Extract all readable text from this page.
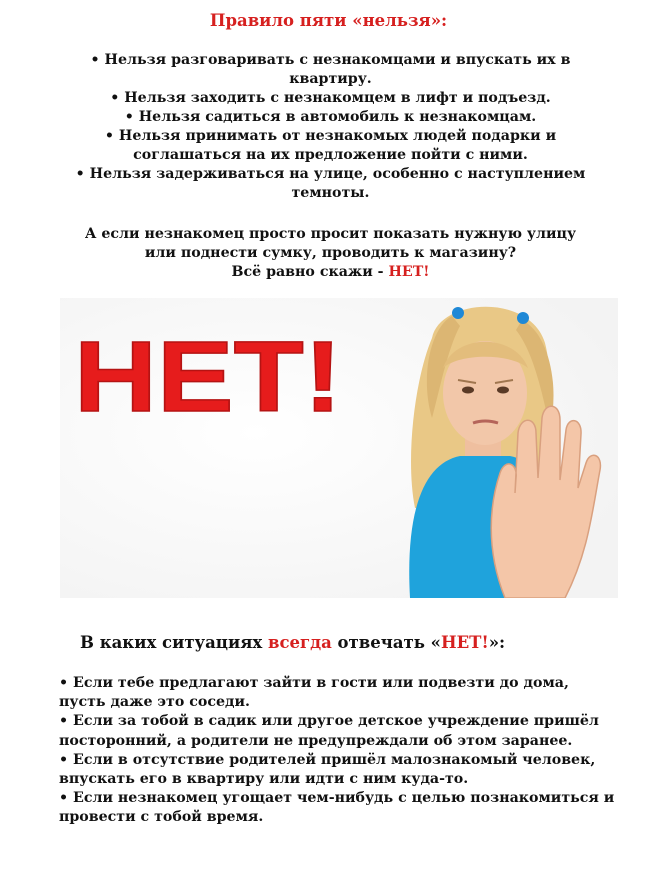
Правило пяти «нельзя»:
• Нельзя разговаривать с незнакомцами и впускать их в квартиру.
• Нельзя заходить с незнакомцем в лифт и подъезд.
• Нельзя садиться в автомобиль к незнакомцам.
• Нельзя принимать от незнакомых людей подарки и соглашаться на их предложение пойти с ними.
• Нельзя задерживаться на улице, особенно с наступлением темноты.
А если незнакомец просто просит показать нужную улицу
или поднести сумку, проводить к магазину?
Всё равно скажи - НЕТ!
НЕТ!
В каких ситуациях всегда отвечать «НЕТ!»:
• Если тебе предлагают зайти в гости или подвезти до дома, пусть даже это соседи.
• Если за тобой в садик или другое детское учреждение пришёл посторонний, а родители не предупреждали об этом заранее.
• Если в отсутствие родителей пришёл малознакомый человек, впускать его в квартиру или идти с ним куда-то.
• Если незнакомец угощает чем-нибудь с целью познакомиться и провести с тобой время.
